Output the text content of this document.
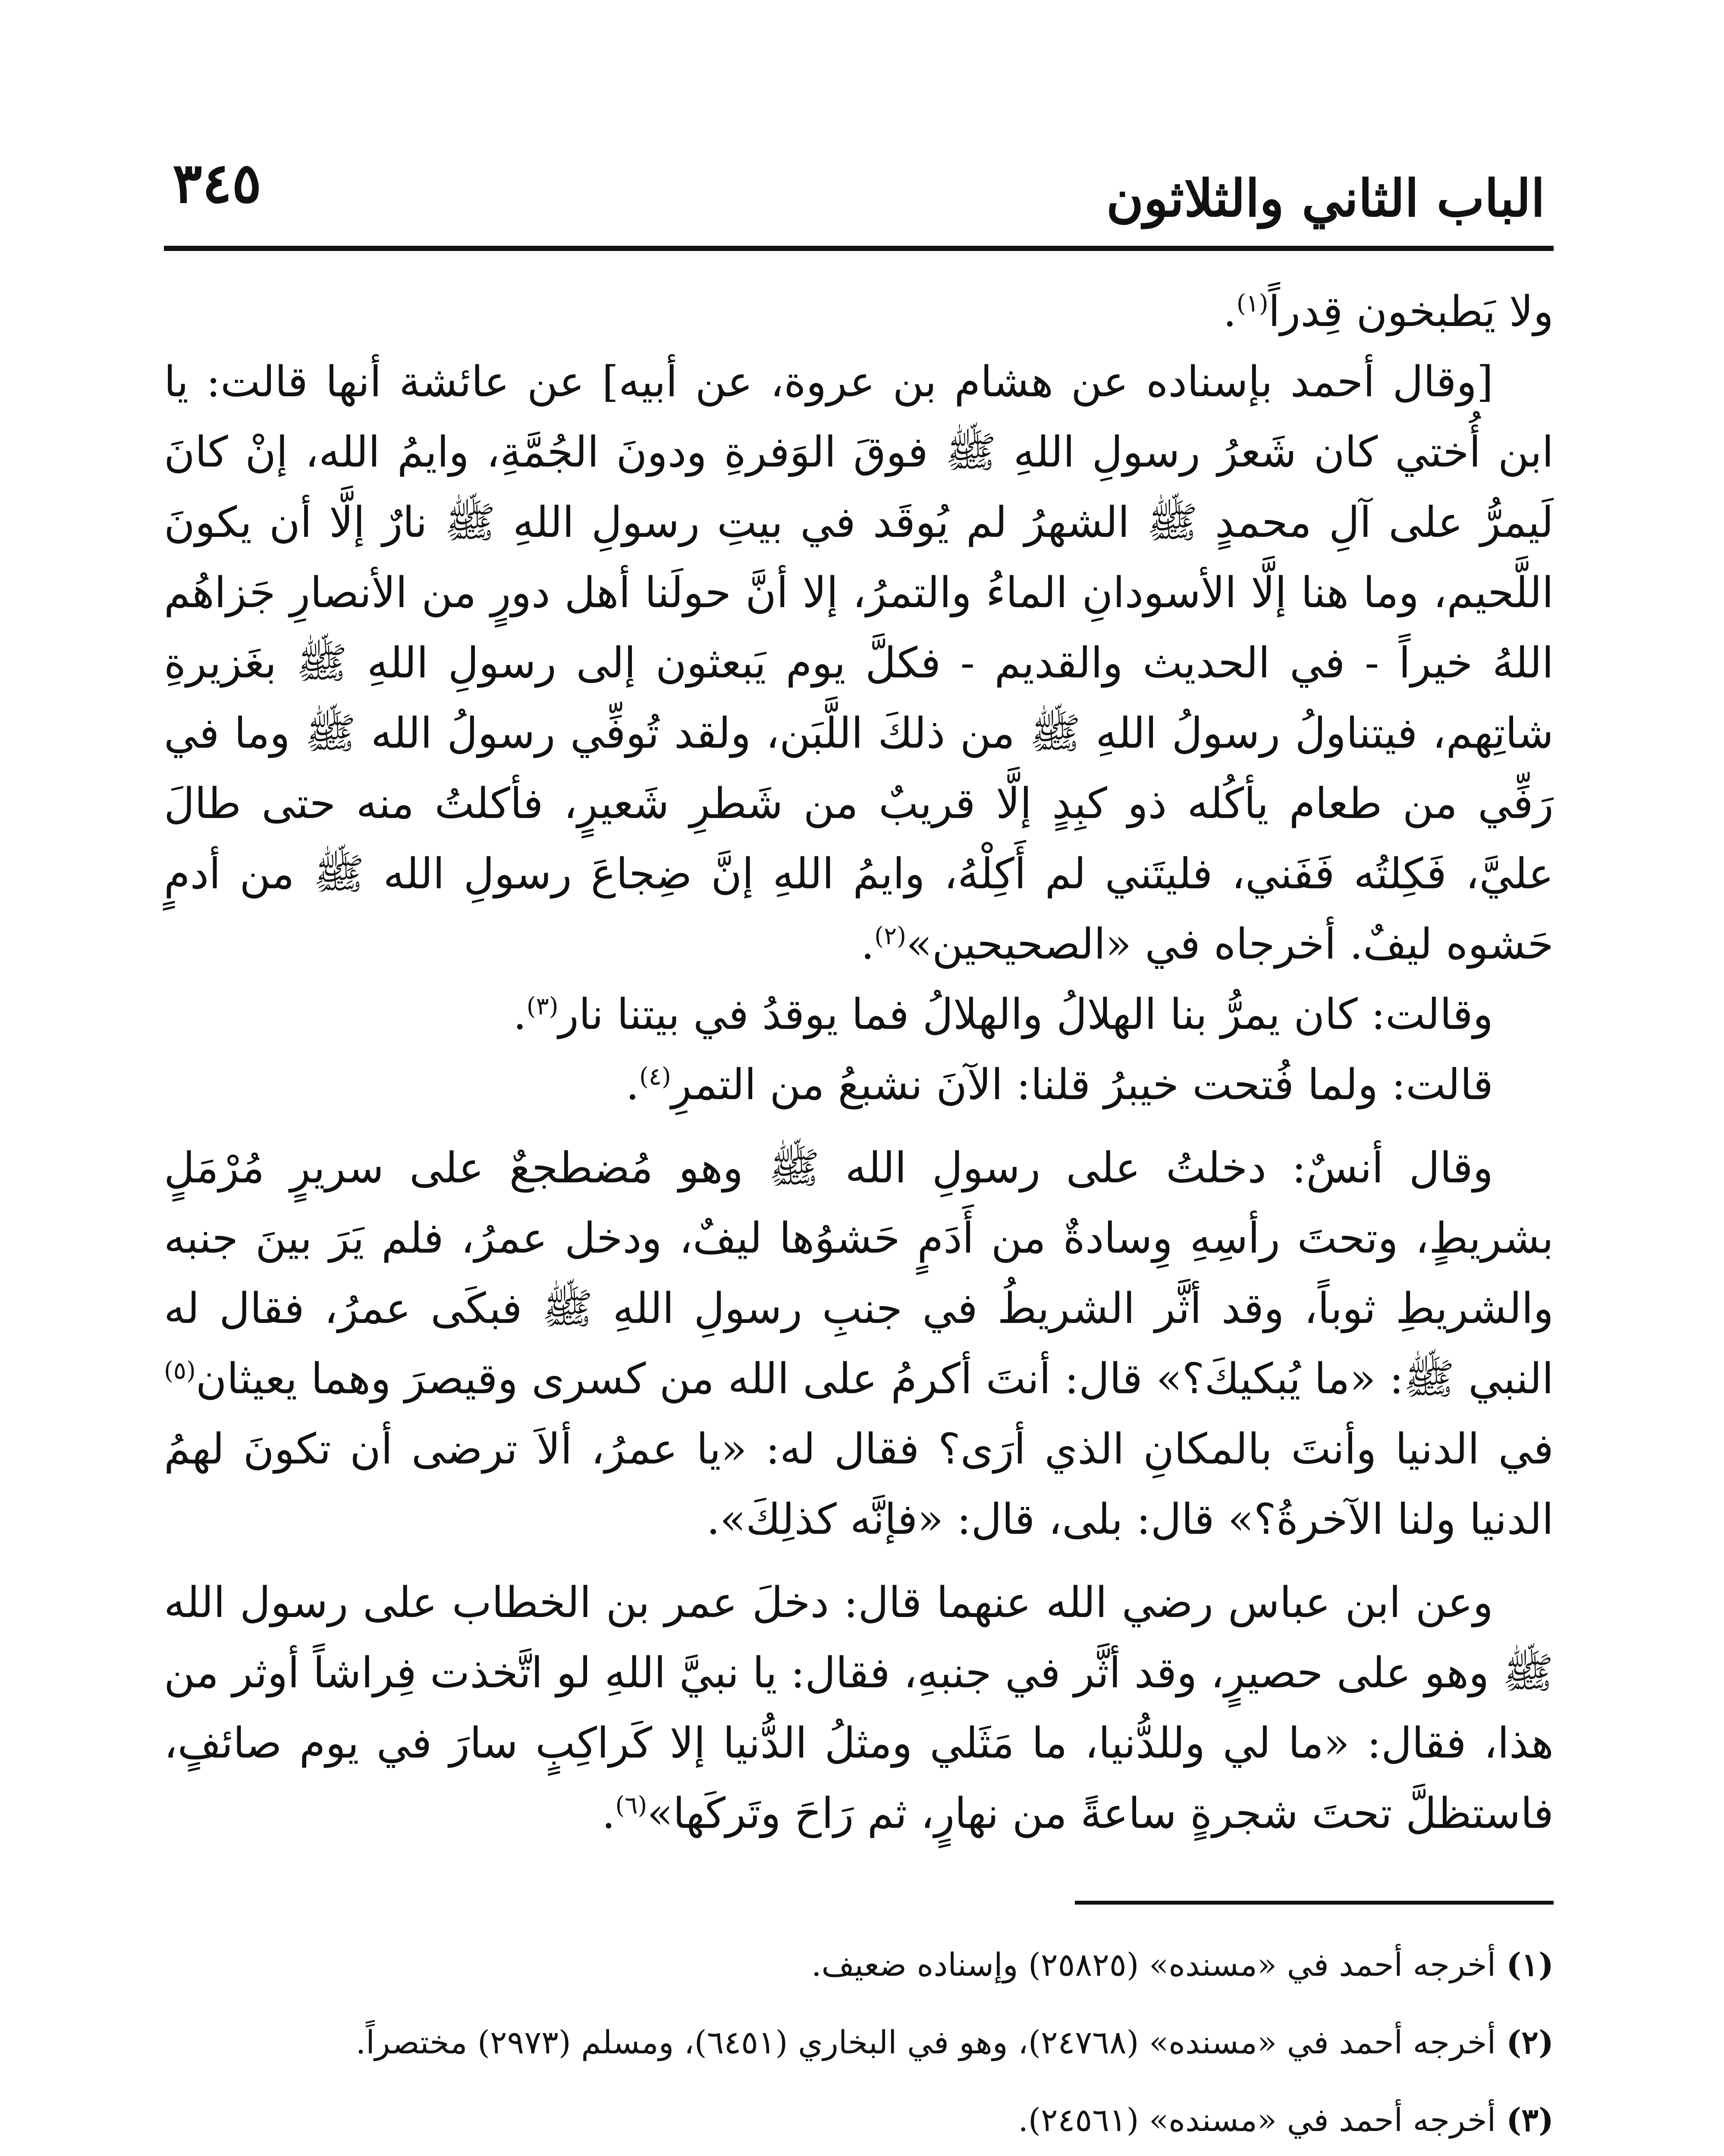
الباب الثاني والثلاثون
٣٤٥

ولا يَطبخون قِدراً$^{(١)}$.

[وقال أحمد بإسناده عن هشام بن عروة، عن أبيه] عن عائشة أنها قالت: يا ابن أُختي كان شَعرُ رسولِ اللهِ ﷺ فوقَ الوَفرةِ ودونَ الجُمَّةِ، وايمُ الله، إنْ كانَ لَيمرُّ على آلِ محمدٍ ﷺ الشهرُ لم يُوقَد في بيتِ رسولِ اللهِ ﷺ نارٌ إلَّا أن يكونَ اللَّحيم، وما هنا إلَّا الأسودانِ الماءُ والتمرُ، إلا أنَّ حولَنا أهل دورٍ من الأنصارِ جَزاهُم اللهُ خيراً - في الحديث والقديم - فكلَّ يوم يَبعثون إلى رسولِ اللهِ ﷺ بغَزيرةِ شاتِهم، فيتناولُ رسولُ اللهِ ﷺ من ذلكَ اللَّبَن، ولقد تُوفِّي رسولُ الله ﷺ وما في رَفِّي من طعام يأكُله ذو كبِدٍ إلَّا قريبٌ من شَطرِ شَعيرٍ، فأكلتُ منه حتى طالَ عليَّ، فَكِلتُه فَفَني، فليتَني لم أَكِلْهُ، وايمُ اللهِ إنَّ ضِجاعَ رسولِ الله ﷺ من أدمٍ حَشوه ليفٌ. أخرجاه في «الصحيحين»$^{(٢)}$.

وقالت: كان يمرُّ بنا الهلالُ والهلالُ فما يوقدُ في بيتنا نار$^{(٣)}$.

قالت: ولما فُتحت خيبرُ قلنا: الآنَ نشبعُ من التمرِ$^{(٤)}$.

وقال أنسٌ: دخلتُ على رسولِ الله ﷺ وهو مُضطجعٌ على سريرٍ مُرْمَلٍ بشريطٍ، وتحتَ رأسِهِ وِسادةٌ من أَدَمٍ حَشوُها ليفٌ، ودخل عمرُ، فلم يَرَ بينَ جنبه والشريطِ ثوباً، وقد أثَّر الشريطُ في جنبِ رسولِ اللهِ ﷺ فبكَى عمرُ، فقال له النبي ﷺ: «ما يُبكيكَ؟» قال: أنتَ أكرمُ على الله من كسرى وقيصرَ وهما يعيثان$^{(٥)}$ في الدنيا وأنتَ بالمكانِ الذي أرَى؟ فقال له: «يا عمرُ، ألاَ ترضى أن تكونَ لهمُ الدنيا ولنا الآخرةُ؟» قال: بلى، قال: «فإنَّه كذلِكَ».

وعن ابن عباس رضي الله عنهما قال: دخلَ عمر بن الخطاب على رسول الله ﷺ وهو على حصيرٍ، وقد أثَّر في جنبهِ، فقال: يا نبيَّ اللهِ لو اتَّخذت فِراشاً أوثر من هذا، فقال: «ما لي وللدُّنيا، ما مَثَلي ومثلُ الدُّنيا إلا كَراكِبٍ سارَ في يوم صائفٍ، فاستظلَّ تحتَ شجرةٍ ساعةً من نهارٍ، ثم رَاحَ وتَركَها»$^{(٦)}$.

(١)أخرجه أحمد في «مسنده» (٢٥٨٢٥) وإسناده ضعيف.
(٢)أخرجه أحمد في «مسنده» (٢٤٧٦٨)، وهو في البخاري (٦٤٥١)، ومسلم (٢٩٧٣) مختصراً.
(٣)أخرجه أحمد في «مسنده» (٢٤٥٦١).
